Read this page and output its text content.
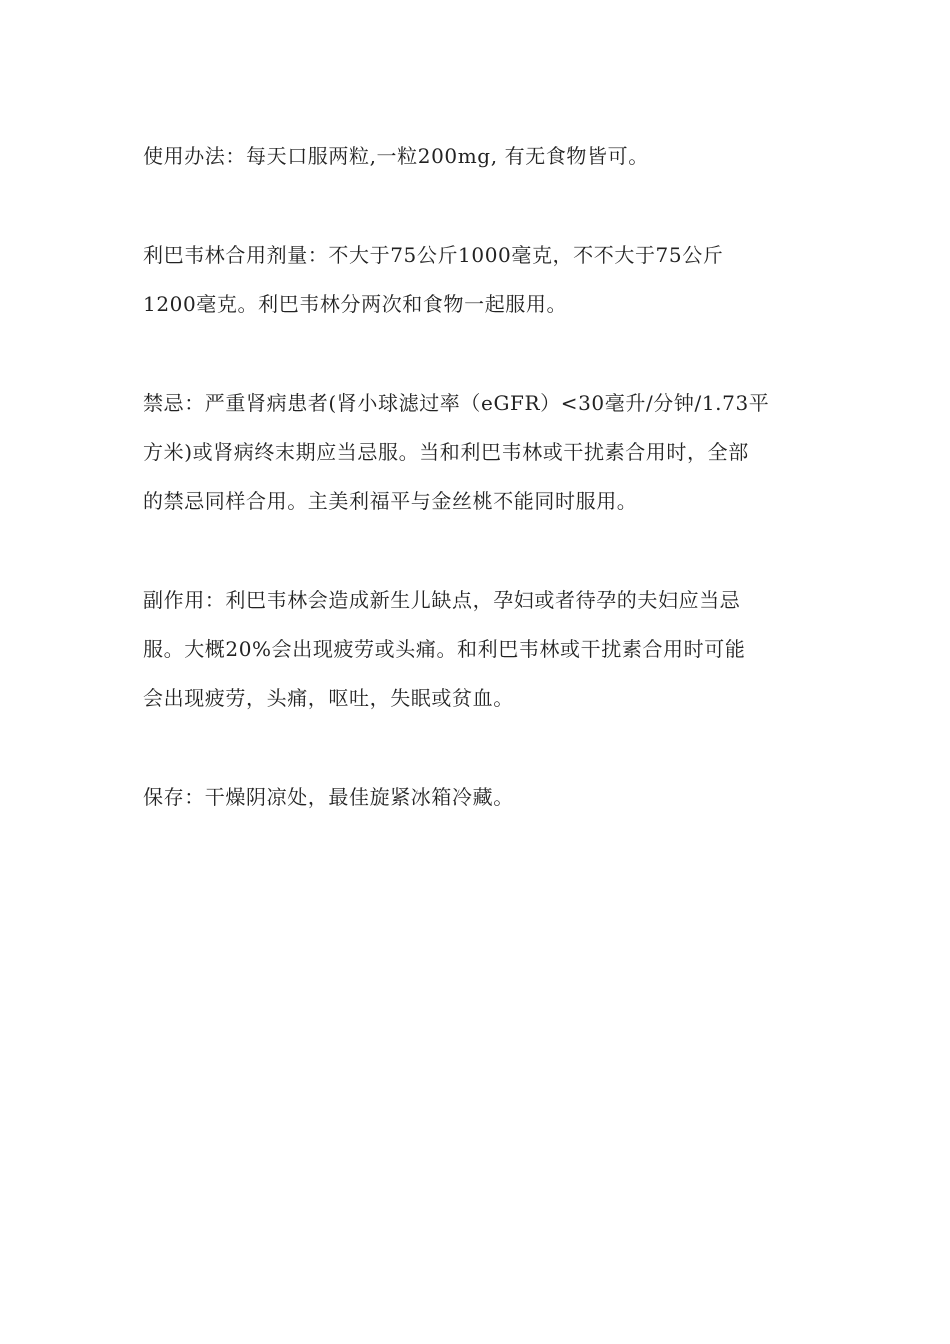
使用办法：每天口服两粒,一粒200mg, 有无食物皆可。

利巴韦林合用剂量：不大于75公斤1000毫克，不不大于75公斤
1200毫克。利巴韦林分两次和食物一起服用。

禁忌：严重肾病患者(肾小球滤过率（eGFR）<30毫升/分钟/1.73平
方米)或肾病终末期应当忌服。当和利巴韦林或干扰素合用时，全部
的禁忌同样合用。主美利福平与金丝桃不能同时服用。

副作用：利巴韦林会造成新生儿缺点，孕妇或者待孕的夫妇应当忌
服。大概20%会出现疲劳或头痛。和利巴韦林或干扰素合用时可能
会出现疲劳，头痛，呕吐，失眠或贫血。

保存：干燥阴凉处，最佳旋紧冰箱冷藏。
